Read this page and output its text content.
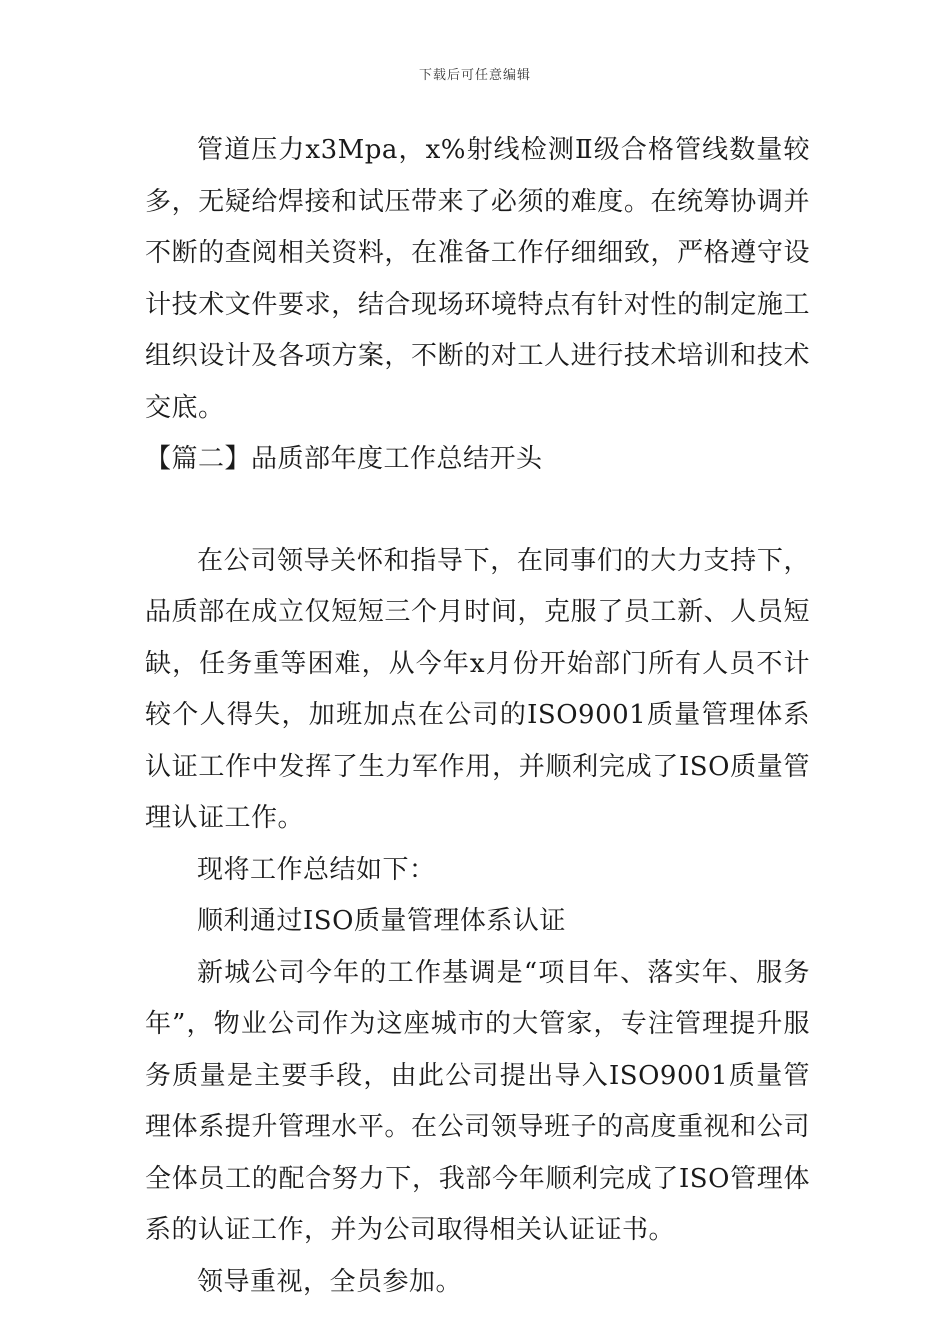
下载后可任意编辑

管道压力x3Mpa，x%射线检测Ⅱ级合格管线数量较多，无疑给焊接和试压带来了必须的难度。在统筹协调并不断的查阅相关资料，在准备工作仔细细致，严格遵守设计技术文件要求，结合现场环境特点有针对性的制定施工组织设计及各项方案，不断的对工人进行技术培训和技术交底。

【篇二】品质部年度工作总结开头

在公司领导关怀和指导下，在同事们的大力支持下，品质部在成立仅短短三个月时间，克服了员工新、人员短缺，任务重等困难，从今年x月份开始部门所有人员不计较个人得失，加班加点在公司的ISO9001质量管理体系认证工作中发挥了生力军作用，并顺利完成了ISO质量管理认证工作。

现将工作总结如下：

顺利通过ISO质量管理体系认证

新城公司今年的工作基调是“项目年、落实年、服务年”，物业公司作为这座城市的大管家，专注管理提升服务质量是主要手段，由此公司提出导入ISO9001质量管理体系提升管理水平。在公司领导班子的高度重视和公司全体员工的配合努力下，我部今年顺利完成了ISO管理体系的认证工作，并为公司取得相关认证证书。

领导重视，全员参加。
